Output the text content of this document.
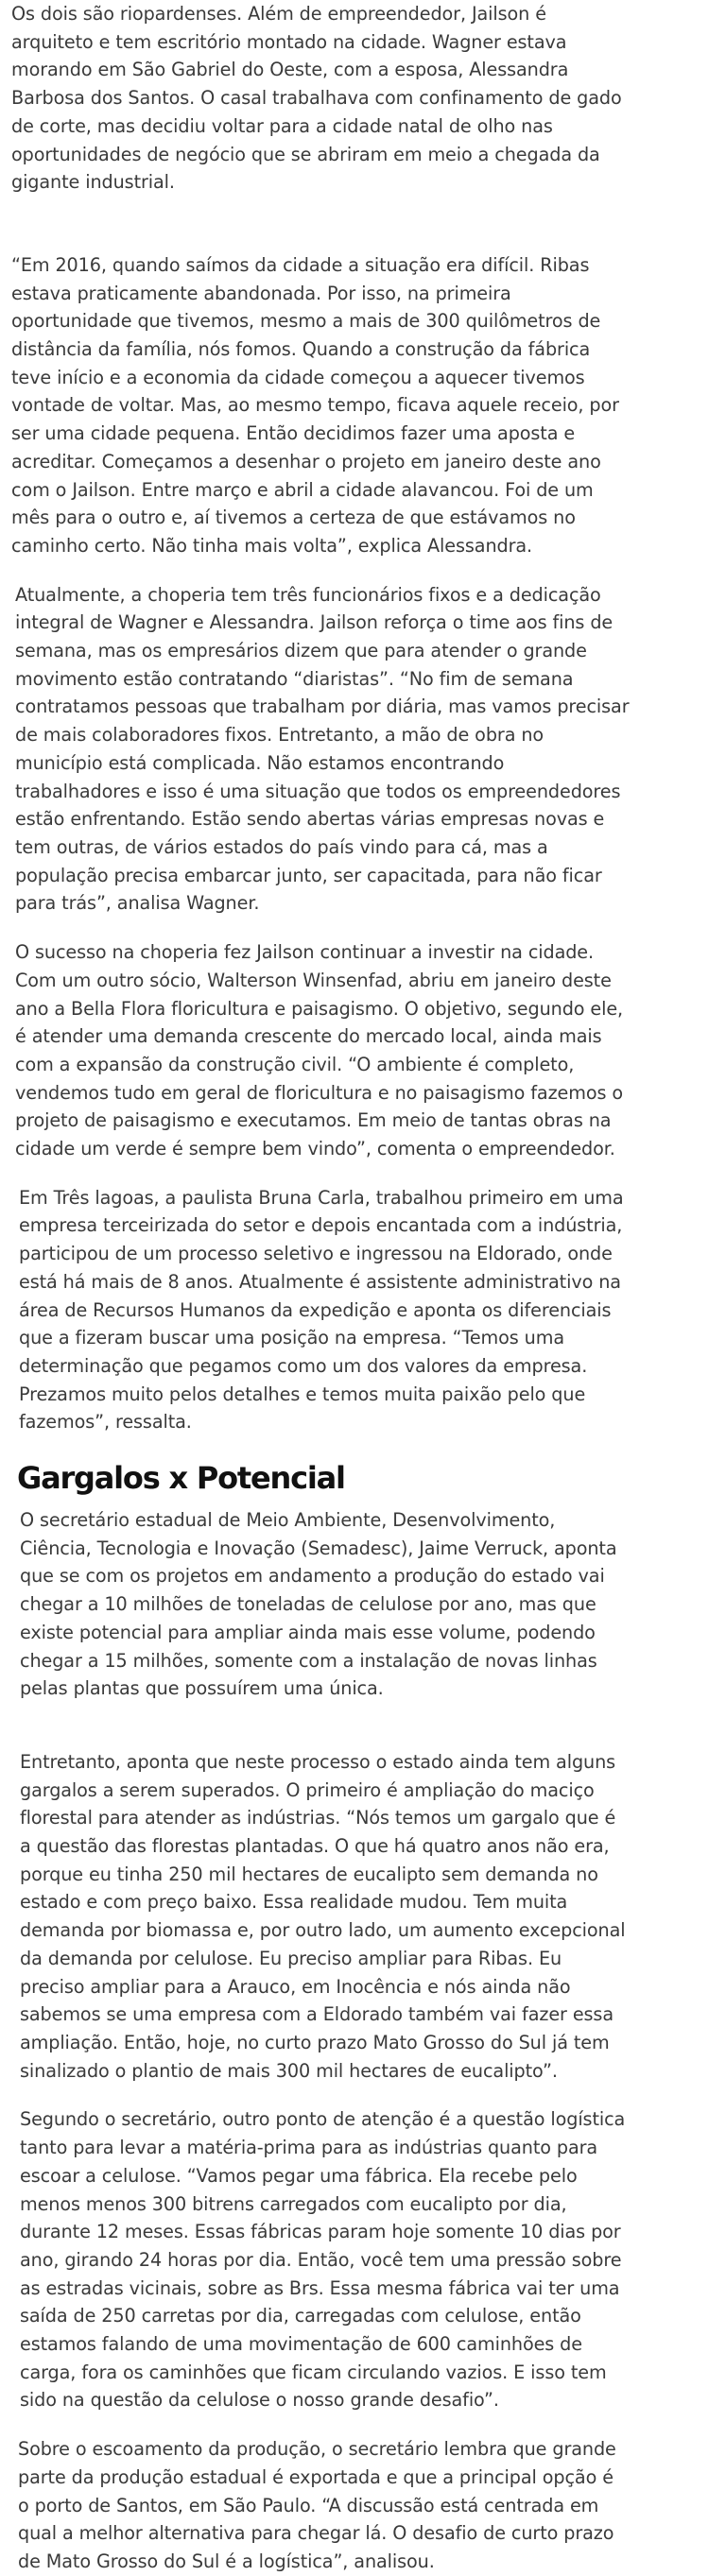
Os dois são riopardenses. Além de empreendedor, Jailson é arquiteto e tem escritório montado na cidade. Wagner estava morando em São Gabriel do Oeste, com a esposa, Alessandra Barbosa dos Santos. O casal trabalhava com confinamento de gado de corte, mas decidiu voltar para a cidade natal de olho nas oportunidades de negócio que se abriram em meio a chegada da gigante industrial.

“Em 2016, quando saímos da cidade a situação era difícil. Ribas estava praticamente abandonada. Por isso, na primeira oportunidade que tivemos, mesmo a mais de 300 quilômetros de distância da família, nós fomos. Quando a construção da fábrica teve início e a economia da cidade começou a aquecer tivemos vontade de voltar. Mas, ao mesmo tempo, ficava aquele receio, por ser uma cidade pequena. Então decidimos fazer uma aposta e acreditar. Começamos a desenhar o projeto em janeiro deste ano com o Jailson. Entre março e abril a cidade alavancou. Foi de um mês para o outro e, aí tivemos a certeza de que estávamos no caminho certo. Não tinha mais volta”, explica Alessandra.

Atualmente, a choperia tem três funcionários fixos e a dedicação integral de Wagner e Alessandra. Jailson reforça o time aos fins de semana, mas os empresários dizem que para atender o grande movimento estão contratando “diaristas”. “No fim de semana contratamos pessoas que trabalham por diária, mas vamos precisar de mais colaboradores fixos. Entretanto, a mão de obra no município está complicada. Não estamos encontrando trabalhadores e isso é uma situação que todos os empreendedores estão enfrentando. Estão sendo abertas várias empresas novas e tem outras, de vários estados do país vindo para cá, mas a população precisa embarcar junto, ser capacitada, para não ficar para trás”, analisa Wagner.

O sucesso na choperia fez Jailson continuar a investir na cidade. Com um outro sócio, Walterson Winsenfad, abriu em janeiro deste ano a Bella Flora floricultura e paisagismo. O objetivo, segundo ele, é atender uma demanda crescente do mercado local, ainda mais com a expansão da construção civil. “O ambiente é completo, vendemos tudo em geral de floricultura e no paisagismo fazemos o projeto de paisagismo e executamos. Em meio de tantas obras na cidade um verde é sempre bem vindo”, comenta o empreendedor.

Em Três lagoas, a paulista Bruna Carla, trabalhou primeiro em uma empresa terceirizada do setor e depois encantada com a indústria, participou de um processo seletivo e ingressou na Eldorado, onde está há mais de 8 anos. Atualmente é assistente administrativo na área de Recursos Humanos da expedição e aponta os diferenciais que a fizeram buscar uma posição na empresa. “Temos uma determinação que pegamos como um dos valores da empresa. Prezamos muito pelos detalhes e temos muita paixão pelo que fazemos”, ressalta.

Gargalos x Potencial

O secretário estadual de Meio Ambiente, Desenvolvimento, Ciência, Tecnologia e Inovação (Semadesc), Jaime Verruck, aponta que se com os projetos em andamento a produção do estado vai chegar a 10 milhões de toneladas de celulose por ano, mas que existe potencial para ampliar ainda mais esse volume, podendo chegar a 15 milhões, somente com a instalação de novas linhas pelas plantas que possuírem uma única.

Entretanto, aponta que neste processo o estado ainda tem alguns gargalos a serem superados. O primeiro é ampliação do maciço florestal para atender as indústrias. “Nós temos um gargalo que é a questão das florestas plantadas. O que há quatro anos não era, porque eu tinha 250 mil hectares de eucalipto sem demanda no estado e com preço baixo. Essa realidade mudou. Tem muita demanda por biomassa e, por outro lado, um aumento excepcional da demanda por celulose. Eu preciso ampliar para Ribas. Eu preciso ampliar para a Arauco, em Inocência e nós ainda não sabemos se uma empresa com a Eldorado também vai fazer essa ampliação. Então, hoje, no curto prazo Mato Grosso do Sul já tem sinalizado o plantio de mais 300 mil hectares de eucalipto”.

Segundo o secretário, outro ponto de atenção é a questão logística tanto para levar a matéria-prima para as indústrias quanto para escoar a celulose. “Vamos pegar uma fábrica. Ela recebe pelo menos menos 300 bitrens carregados com eucalipto por dia, durante 12 meses. Essas fábricas param hoje somente 10 dias por ano, girando 24 horas por dia. Então, você tem uma pressão sobre as estradas vicinais, sobre as Brs. Essa mesma fábrica vai ter uma saída de 250 carretas por dia, carregadas com celulose, então estamos falando de uma movimentação de 600 caminhões de carga, fora os caminhões que ficam circulando vazios. E isso tem sido na questão da celulose o nosso grande desafio”.

Sobre o escoamento da produção, o secretário lembra que grande parte da produção estadual é exportada e que a principal opção é o porto de Santos, em São Paulo. “A discussão está centrada em qual a melhor alternativa para chegar lá. O desafio de curto prazo de Mato Grosso do Sul é a logística”, analisou.
